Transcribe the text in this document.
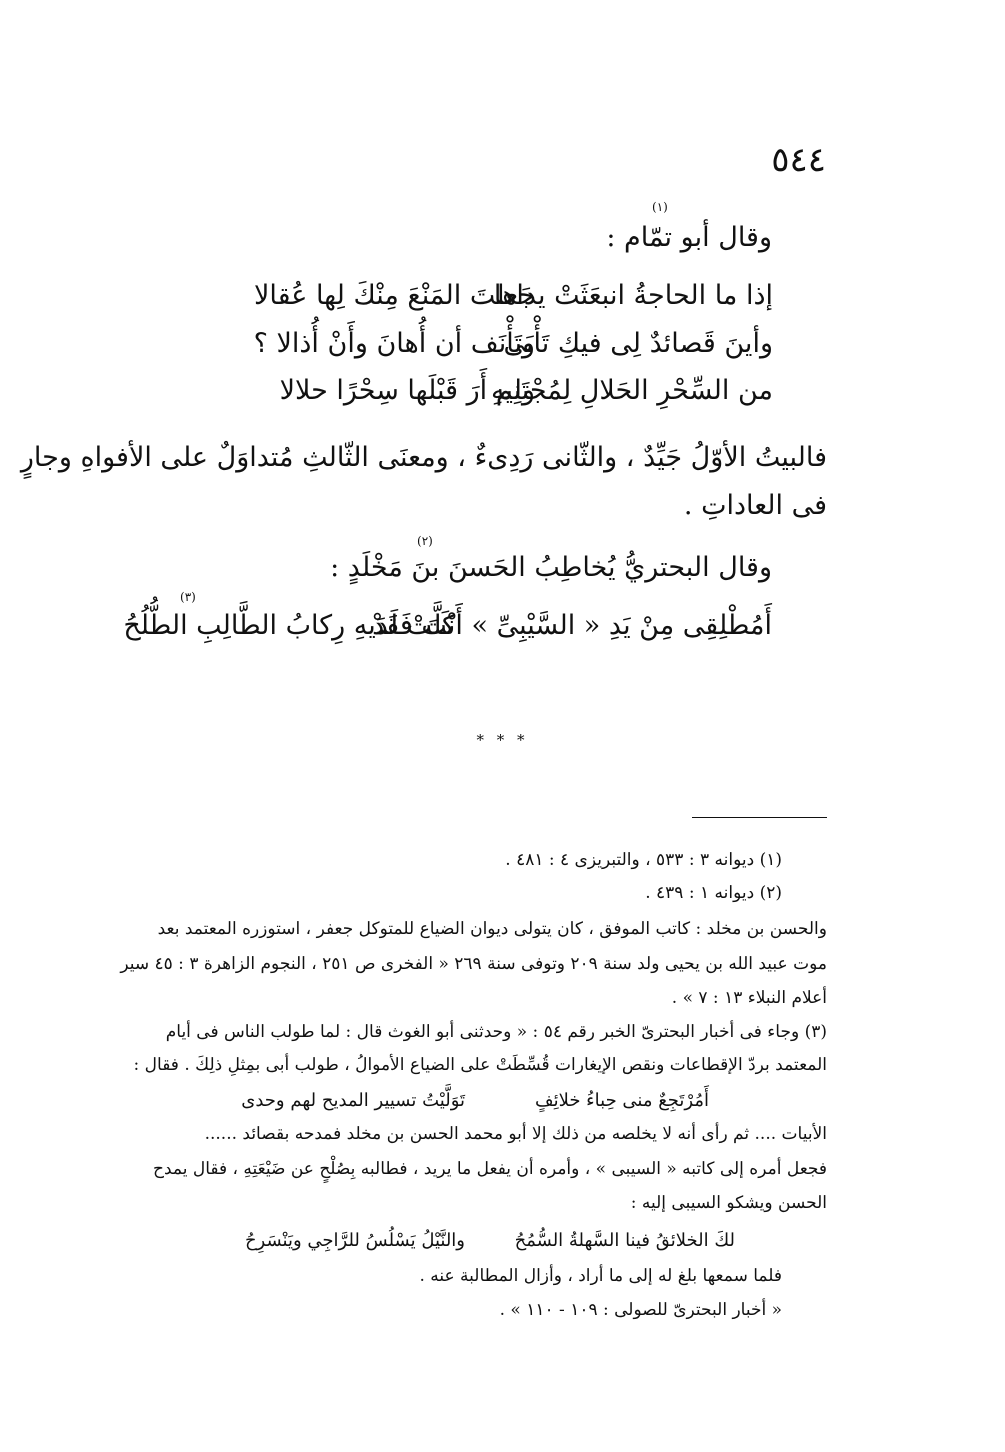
٥٤٤
وقال أبو تمّام :
(١)
إذا ما الحاجةُ انبعَثَتْ يداها
جَعلتَ المَنْعَ مِنْكَ لِها عُقالا
وأينَ قَصائدٌ لِى فيكِ تَأْبَى
وتَأْنَف أن أُهانَ وأَنْ أُذالا ؟
من السِّحْرِ الحَلالِ لِمُجْتَنِيهِ
ولم أَرَ قَبْلَها سِحْرًا حلالا
فالبيتُ الأوّلُ جَيِّدٌ ، والثّانى رَدِىءٌ ، ومعنَى الثّالثِ مُتداوَلٌ على الأفواهِ وجارٍ
فى العاداتِ .
وقال البحتريُّ يُخاطِبُ الحَسنَ بنَ مَخْلَدٍ :
(٢)
أَمُطْلِقِى مِنْ يَدِ « السَّيْبِىِّ » أَنْتَ فَقَدْ
كَلَّتْ لَدَيهِ رِكابُ الطَّالِبِ الطُّلُحُ
(٣)
* * *
(١) ديوانه ٣ : ٥٣٣ ، والتبريزى ٤ : ٤٨١ .
(٢) ديوانه ١ : ٤٣٩ .
والحسن بن مخلد : كاتب الموفق ، كان يتولى ديوان الضياع للمتوكل جعفر ، استوزره المعتمد بعد
موت عبيد الله بن يحيى ولد سنة ٢٠٩ وتوفى سنة ٢٦٩ « الفخرى ص ٢٥١ ، النجوم الزاهرة ٣ : ٤٥ سير
أعلام النبلاء ١٣ : ٧ » .
(٣) وجاء فى أخبار البحترىّ الخبر رقم ٥٤ : « وحدثنى أبو الغوث قال : لما طولب الناس فى أيام
المعتمد بردّ الإقطاعات ونقص الإيغارات قُسِّطَتْ على الضياع الأموالُ ، طولب أبى بمِثلِ ذلِكَ . فقال :
أَمُرْتَجِعٌ منى حِباءُ خلائِفٍ
تَوَلَّيْتُ تسيير المديح لهم وحدى
الأبيات .... ثم رأى أنه لا يخلصه من ذلك إلا أبو محمد الحسن بن مخلد فمدحه بقصائد ......
فجعل أمره إلى كاتبه « السيبى » ، وأمره أن يفعل ما يريد ، فطالبه بِصُلْحٍ عن ضَيْعَتِهِ ، فقال يمدح
الحسن ويشكو السيبى إليه :
لكَ الخلائقُ فينا السَّهلةُ السُّمُحُ
والنَّيْلُ يَسْلُسُ للرَّاجِي ويَنْسَرِحُ
فلما سمعها بلغ له إلى ما أراد ، وأزال المطالبة عنه .
« أخبار البحترىّ للصولى : ١٠٩ - ١١٠ » .
